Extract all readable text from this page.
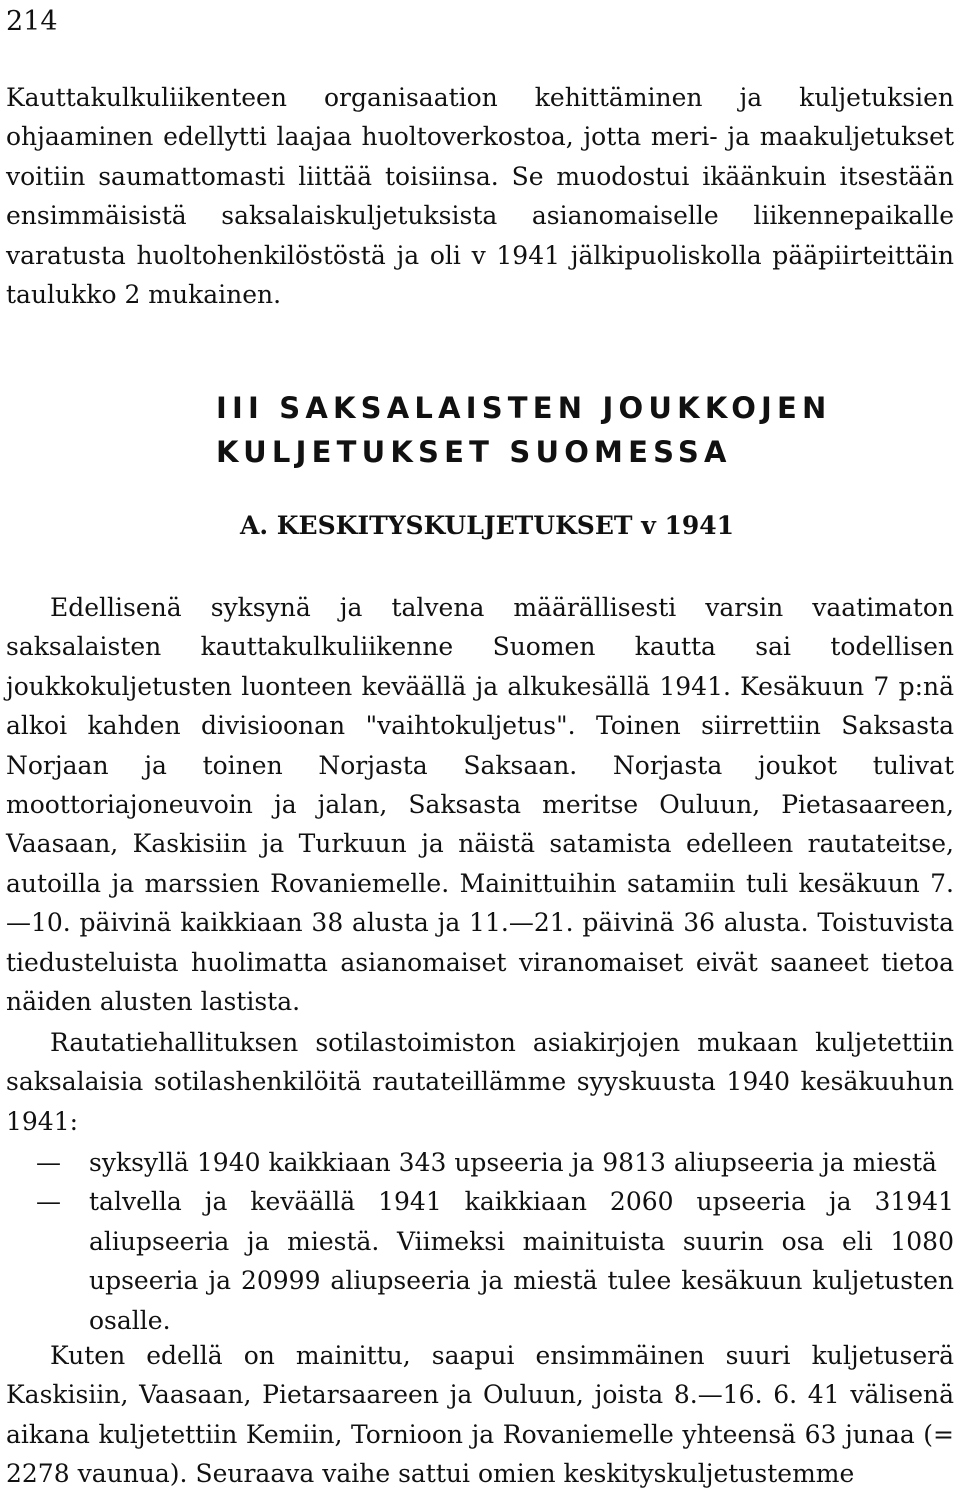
214

Kauttakulkuliikenteen organisaation kehittäminen ja kuljetuksien ohjaaminen edellytti laajaa huoltoverkostoa, jotta meri- ja maakuljetukset voitiin saumattomasti liittää toisiinsa. Se muodostui ikäänkuin itsestään ensimmäisistä saksalaiskuljetuksista asianomaiselle liikennepaikalle varatusta huoltohenkilöstöstä ja oli v 1941 jälkipuoliskolla pääpiirteittäin taulukko 2 mukainen.

III SAKSALAISTEN JOUKKOJEN KULJETUKSET SUOMESSA
A. KESKITYSKULJETUKSET v 1941

Edellisenä syksynä ja talvena määrällisesti varsin vaatimaton saksalaisten kauttakulkuliikenne Suomen kautta sai todellisen joukkokuljetusten luonteen keväällä ja alkukesällä 1941. Kesäkuun 7 p:nä alkoi kahden divisioonan "vaihtokuljetus". Toinen siirrettiin Saksasta Norjaan ja toinen Norjasta Saksaan. Norjasta joukot tulivat moottoriajoneuvoin ja jalan, Saksasta meritse Ouluun, Pietasaareen, Vaasaan, Kaskisiin ja Turkuun ja näistä satamista edelleen rautateitse, autoilla ja marssien Rovaniemelle. Mainittuihin satamiin tuli kesäkuun 7.—10. päivinä kaikkiaan 38 alusta ja 11.—21. päivinä 36 alusta. Toistuvista tiedusteluista huolimatta asianomaiset viranomaiset eivät saaneet tietoa näiden alusten lastista.

Rautatiehallituksen sotilastoimiston asiakirjojen mukaan kuljetettiin saksalaisia sotilashenkilöitä rautateillämme syyskuusta 1940 kesäkuuhun 1941:

—	syksyllä 1940 kaikkiaan 343 upseeria ja 9813 aliupseeria ja miestä
—	talvella ja keväällä 1941 kaikkiaan 2060 upseeria ja 31941 aliupseeria ja miestä. Viimeksi mainituista suurin osa eli 1080 upseeria ja 20999 aliupseeria ja miestä tulee kesäkuun kuljetusten osalle.

Kuten edellä on mainittu, saapui ensimmäinen suuri kuljetuserä Kaskisiin, Vaasaan, Pietarsaareen ja Ouluun, joista 8.—16. 6. 41 välisenä aikana kuljetettiin Kemiin, Tornioon ja Rovaniemelle yhteensä 63 junaa (= 2278 vaunua). Seuraava vaihe sattui omien keskityskuljetustemme
